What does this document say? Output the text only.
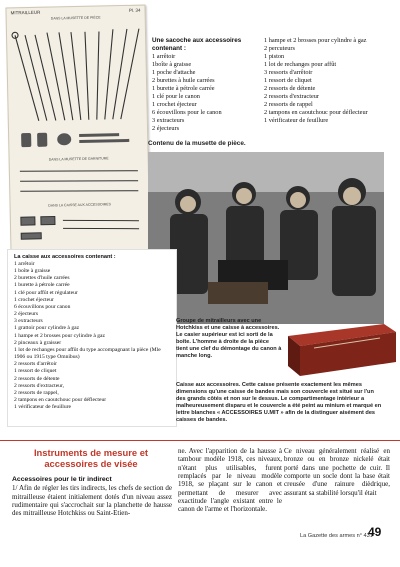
MITRAILLEUR	Pl. 34
DANS LA MUSETTE DE PIÈCE
DANS LA MUSETTE DE GARNITURE
DANS LA CAISSE AUX ACCESSOIRES
Une sacoche aux accessoires contenant :
1 arrêtoir
1boîte à graisse
1 poche d'attache
2 burettes à huile carrées
1 burette à pétrole carrée
1 clé pour le canon
1 crochet éjecteur
6 écouvillons pour le canon
3 extracteurs
2 éjecteurs
1 hampe et 2 brosses pour cylindre à gaz
2 percuteurs
1 piston
1 lot de rechanges pour affût
3 ressorts d'arrêtoir
1 ressort de cliquet
2 ressorts de détente
2 ressorts d'extracteur
2 ressorts de rappel
2 tampons en caoutchouc pour déflecteur
1 vérificateur de feuillure
Contenu de la musette de pièce.
La caisse aux accessoires contenant :
1 arrêtoir
1 boîte à graisse
2 burettes d'huile carrées
1 burette à pétrole carrée
1 clé pour affût et régulateur
1 crochet éjecteur
6 écouvillons pour canon
2 éjecteurs
3 extracteurs
1 grattoir pour cylindre à gaz
1 hampe et 2 brosses pour cylindre à gaz
2 pinceaux à graisser
1 lot de rechanges pour affût du type accompagnant la pièce (Mle 1906 ou 1915 type Omnibus)
2 ressorts d'arrêtoir
1 ressort de cliquet
2 ressorts de détente
2 ressorts d'extracteur,
2 ressorts de rappel,
2 tampons en caoutchouc pour déflecteur
1 vérificateur de feuillure
Groupe de mitrailleurs avec une Hotchkiss et une caisse à accessoires. Le casier supérieur est ici sorti de la boîte. L'homme à droite de la pièce tient une clef du démontage du canon à manche long.
Caisse aux accessoires. Cette caisse présente exactement les mêmes dimensions qu'une caisse de bandes mais son couvercle est situé sur l'un des grands côtés et non sur le dessus. Le compartimentage intérieur a malheureusement disparu et le couvercle a été peint au minium et marqué en lettre blanches « ACCESSOIRES U.MIT » afin de la distinguer aisément des caisses de bandes.
Instruments de mesure et
accessoires de visée
Accessoires pour le tir indirect
1/ Afin de régler les tirs indirects, les chefs de section de mitrailleuse étaient initialement dotés d'un niveau assez rudimentaire qui s'accrochait sur la planchette de hausse des mitrailleuse Hotchkiss ou Saint-Etien-
ne. Avec l'apparition de la hausse à tambour modèle 1918, ces niveaux, n'étant plus utilisables, furent remplacés par le niveau modèle 1918, se plaçant sur le canon et permettant de mesurer avec exactitude l'angle existant entre le canon de l'arme et l'horizontale.
Ce niveau généralement réalisé en bronze ou en bronze nickelé était porté dans une pochette de cuir. Il comporte un socle dont la base était creusée d'une rainure dièdrique, assurant sa stabilité lorsqu'il était
La Gazette des armes n° 431
49
